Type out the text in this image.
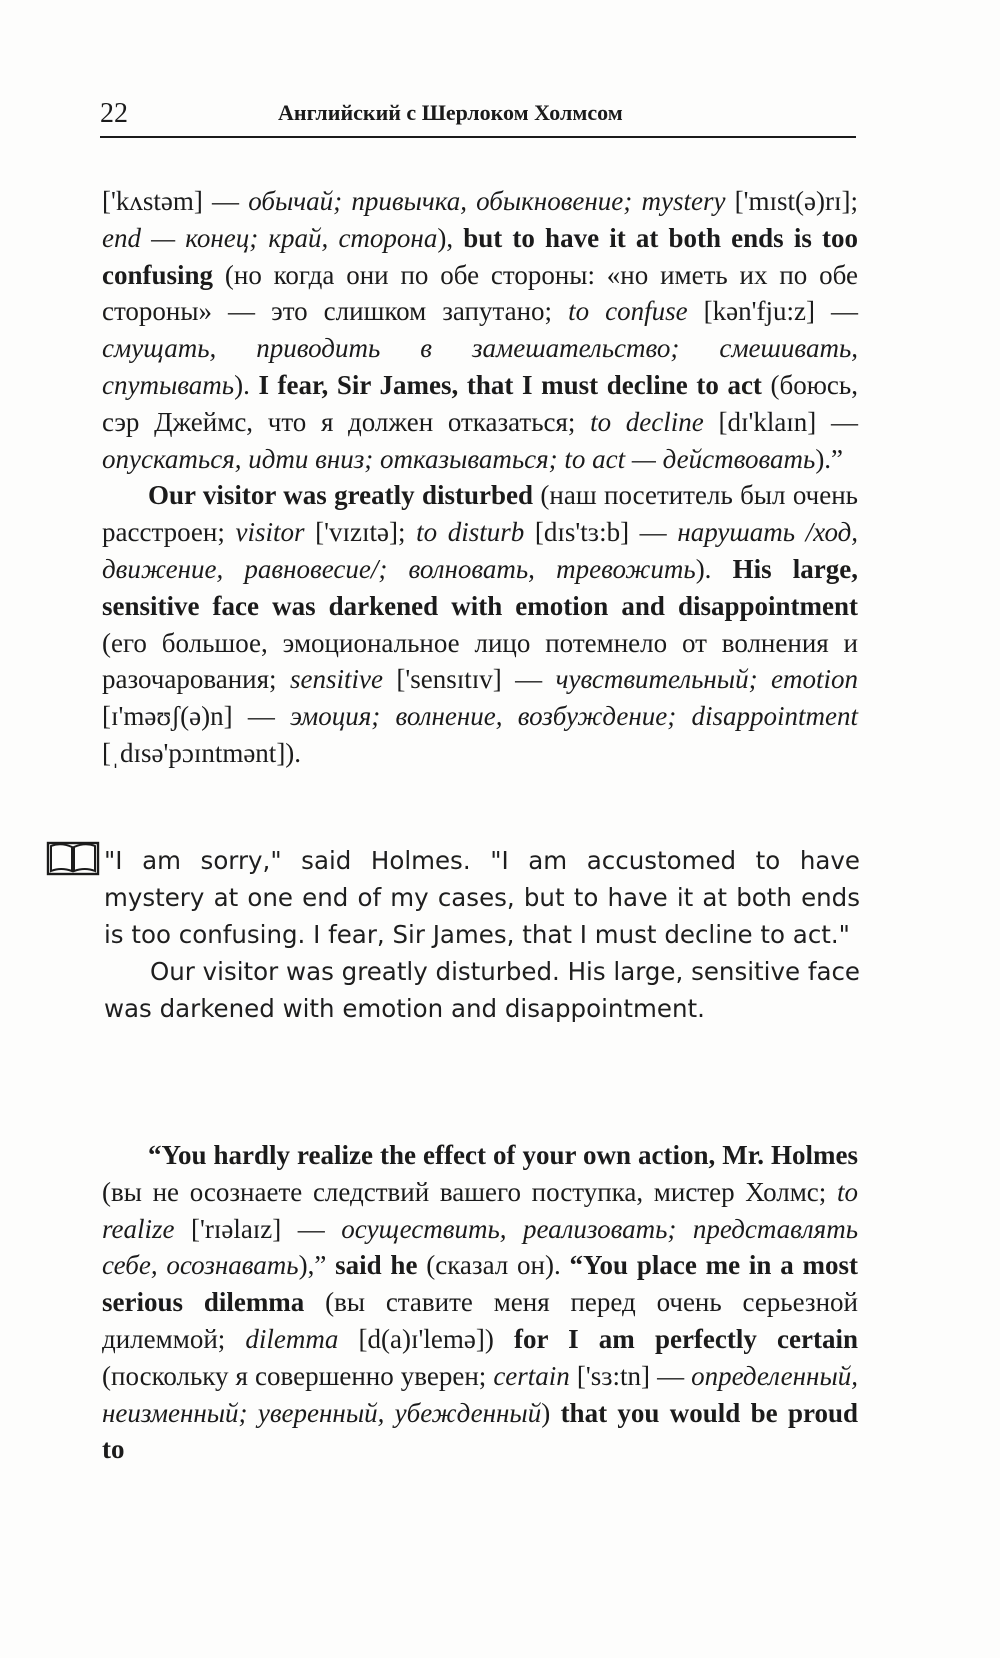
22	Английский с Шерлоком Холмсом

['kʌstəm] — обычай; привычка, обыкновение; mystery ['mɪst(ə)rɪ]; end — конец; край, сторона), but to have it at both ends is too confusing (но когда они по обе стороны: «но иметь их по обе стороны» — это слишком запутано; to confuse [kən'fju:z] — смущать, приводить в замешательство; смешивать, спутывать). I fear, Sir James, that I must decline to act (боюсь, сэр Джеймс, что я должен отказаться; to decline [dɪ'klaɪn] — опускаться, идти вниз; отказываться; to act — действовать).”

Our visitor was greatly disturbed (наш посетитель был очень расстроен; visitor ['vɪzɪtə]; to disturb [dɪs'tɜ:b] — нарушать /ход, движение, равновесие/; волновать, тревожить). His large, sensitive face was darkened with emotion and disappointment (его большое, эмоциональное лицо потемнело от волнения и разочарования; sensitive ['sensɪtɪv] — чувствительный; emotion [ɪ'məʊʃ(ə)n] — эмоция; волнение, возбуждение; disappointment [ˌdɪsə'pɔɪntmənt]).

"I am sorry," said Holmes. "I am accustomed to have mystery at one end of my cases, but to have it at both ends is too confusing. I fear, Sir James, that I must decline to act."

Our visitor was greatly disturbed. His large, sensitive face was darkened with emotion and disappointment.

“You hardly realize the effect of your own action, Mr. Holmes (вы не осознаете следствий вашего поступка, мистер Холмс; to realize ['rɪəlaɪz] — осуществить, реализовать; представлять себе, осознавать),” said he (сказал он). “You place me in a most serious dilemma (вы ставите меня перед очень серьезной дилеммой; dilemma [d(a)ɪ'lemə]) for I am perfectly certain (поскольку я совершенно уверен; certain ['sɜ:tn] — определенный, неизменный; уверенный, убежденный) that you would be proud to
